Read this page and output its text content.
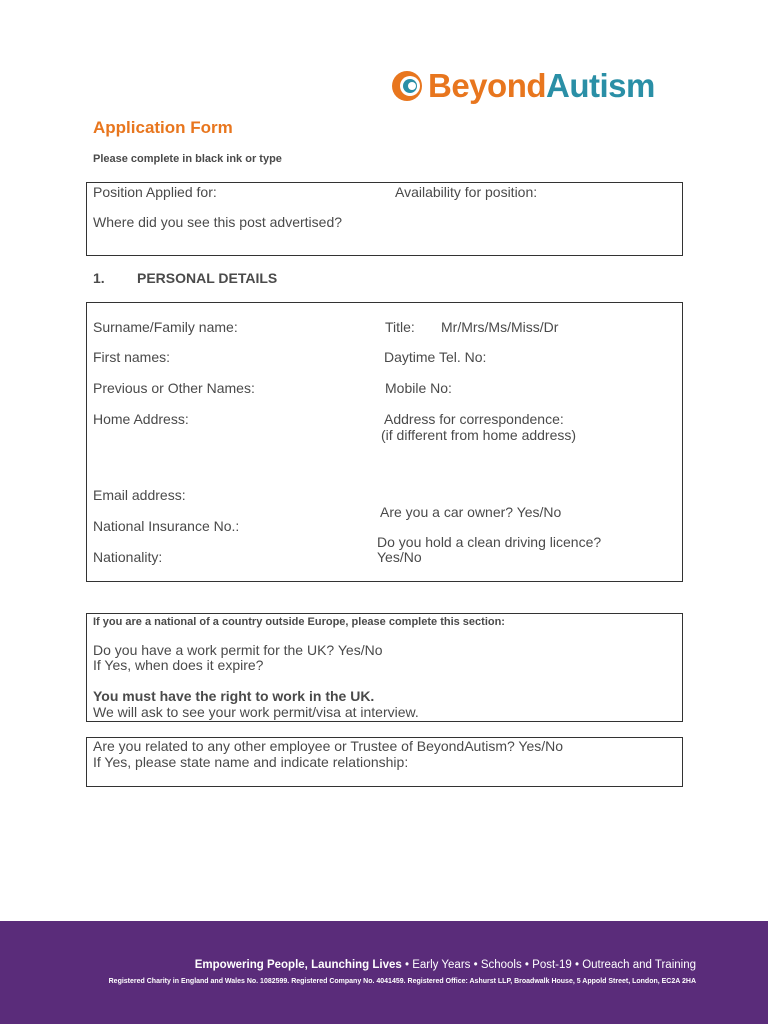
BeyondAutism
Application Form
Please complete in black ink or type
Position Applied for:	Availability for position:
Where did you see this post advertised?
1. PERSONAL DETAILS
Surname/Family name:	Title: Mr/Mrs/Ms/Miss/Dr
First names:	Daytime Tel. No:
Previous or Other Names:	Mobile No:
Home Address:	Address for correspondence:
(if different from home address)
Email address:
Are you a car owner? Yes/No
National Insurance No.:
Do you hold a clean driving licence?
Yes/No
Nationality:
If you are a national of a country outside Europe, please complete this section:
Do you have a work permit for the UK? Yes/No
If Yes, when does it expire?
You must have the right to work in the UK.
We will ask to see your work permit/visa at interview.
Are you related to any other employee or Trustee of BeyondAutism? Yes/No
If Yes, please state name and indicate relationship:
Empowering People, Launching Lives • Early Years • Schools • Post-19 • Outreach and Training
Registered Charity in England and Wales No. 1082599. Registered Company No. 4041459. Registered Office: Ashurst LLP, Broadwalk House, 5 Appold Street, London, EC2A 2HA
